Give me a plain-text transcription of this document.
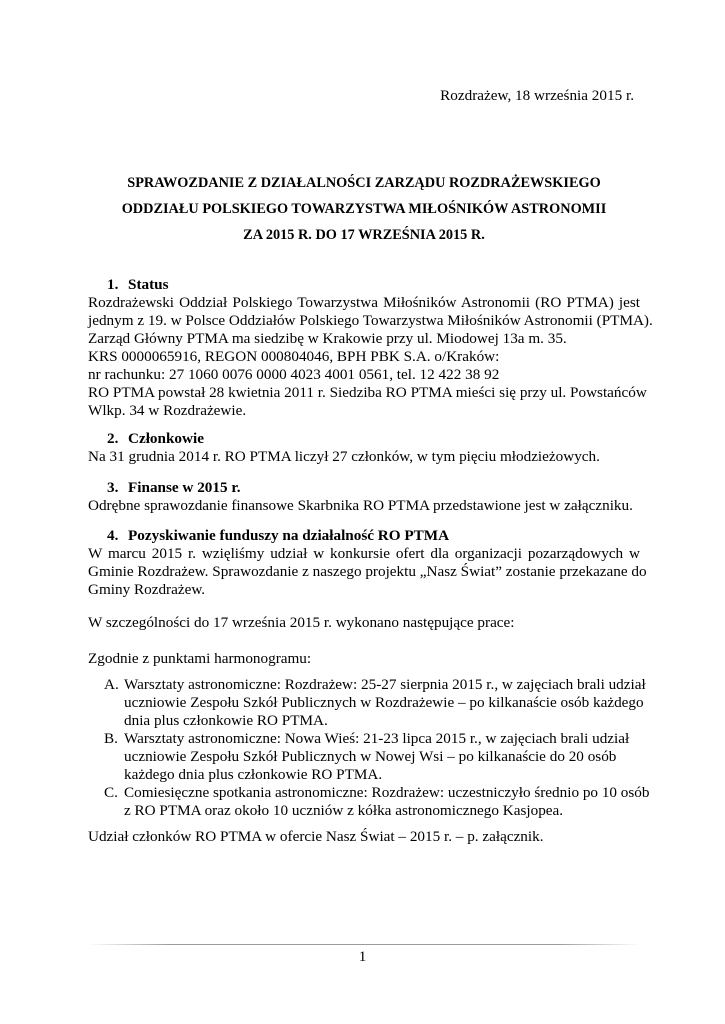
Rozdrażew, 18 września 2015 r.
SPRAWOZDANIE Z DZIAŁALNOŚCI ZARZĄDU ROZDRAŻEWSKIEGO
ODDZIAŁU POLSKIEGO TOWARZYSTWA MIŁOŚNIKÓW ASTRONOMII
ZA 2015 R. DO 17 WRZEŚNIA 2015 R.
1. Status
Rozdrażewski Oddział Polskiego Towarzystwa Miłośników Astronomii (RO PTMA) jest
jednym z 19. w Polsce Oddziałów Polskiego Towarzystwa Miłośników Astronomii (PTMA).
Zarząd Główny PTMA ma siedzibę w Krakowie przy ul. Miodowej 13a m. 35.
KRS 0000065916, REGON 000804046, BPH PBK S.A. o/Kraków:
nr rachunku: 27 1060 0076 0000 4023 4001 0561, tel. 12 422 38 92
RO PTMA powstał 28 kwietnia 2011 r. Siedziba RO PTMA mieści się przy ul. Powstańców
Wlkp. 34 w Rozdrażewie.
2. Członkowie
Na 31 grudnia 2014 r. RO PTMA liczył 27 członków, w tym pięciu młodzieżowych.
3. Finanse w 2015 r.
Odrębne sprawozdanie finansowe Skarbnika RO PTMA przedstawione jest w załączniku.
4. Pozyskiwanie funduszy na działalność RO PTMA
W marcu 2015 r. wzięliśmy udział w konkursie ofert dla organizacji pozarządowych w
Gminie Rozdrażew. Sprawozdanie z naszego projektu „Nasz Świat” zostanie przekazane do
Gminy Rozdrażew.
W szczególności do 17 września 2015 r. wykonano następujące prace:
Zgodnie z punktami harmonogramu:
A. Warsztaty astronomiczne: Rozdrażew: 25-27 sierpnia 2015 r., w zajęciach brali udział
uczniowie Zespołu Szkół Publicznych w Rozdrażewie – po kilkanaście osób każdego
dnia plus członkowie RO PTMA.
B. Warsztaty astronomiczne: Nowa Wieś: 21-23 lipca 2015 r., w zajęciach brali udział
uczniowie Zespołu Szkół Publicznych w Nowej Wsi – po kilkanaście do 20 osób
każdego dnia plus członkowie RO PTMA.
C. Comiesięczne spotkania astronomiczne: Rozdrażew: uczestniczyło średnio po 10 osób
z RO PTMA oraz około 10 uczniów z kółka astronomicznego Kasjopea.
Udział członków RO PTMA w ofercie Nasz Świat – 2015 r. – p. załącznik.
1
